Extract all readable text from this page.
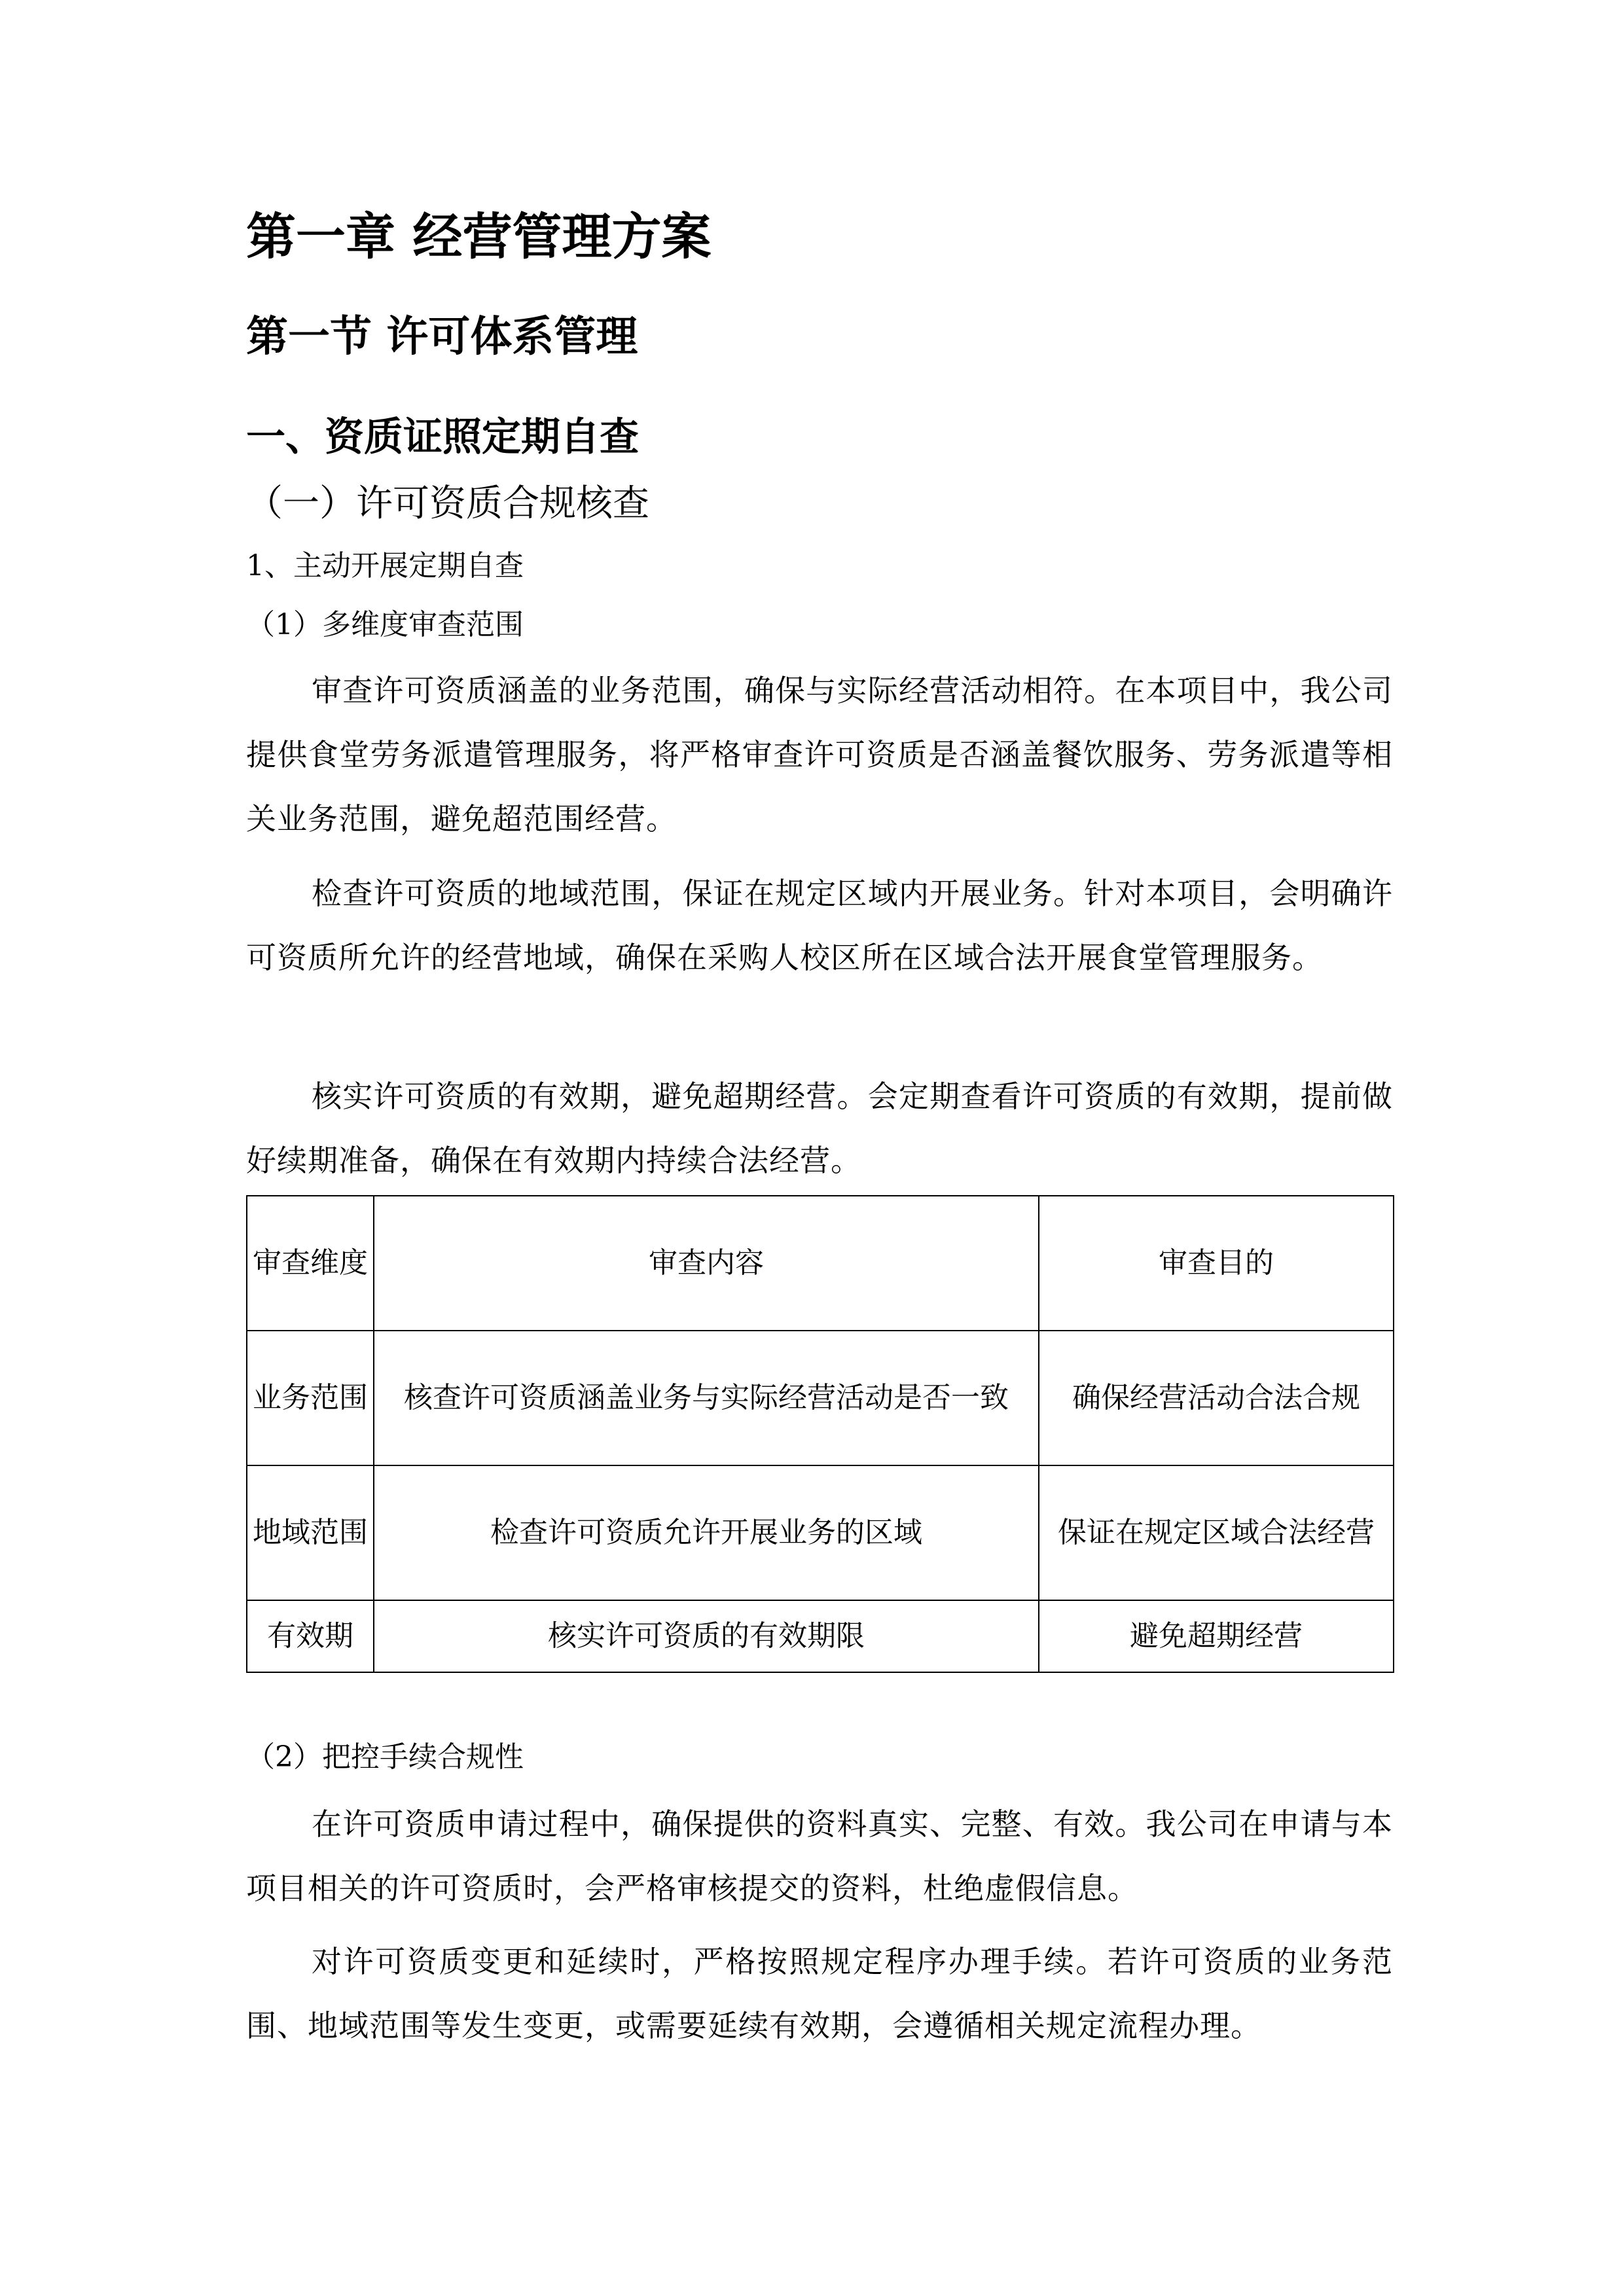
第一章 经营管理方案
第一节 许可体系管理
一、资质证照定期自查
（一）许可资质合规核查
1、主动开展定期自查
（1）多维度审查范围

审查许可资质涵盖的业务范围，确保与实际经营活动相符。在本项目中，我公司提供食堂劳务派遣管理服务，将严格审查许可资质是否涵盖餐饮服务、劳务派遣等相关业务范围，避免超范围经营。

检查许可资质的地域范围，保证在规定区域内开展业务。针对本项目，会明确许可资质所允许的经营地域，确保在采购人校区所在区域合法开展食堂管理服务。

核实许可资质的有效期，避免超期经营。会定期查看许可资质的有效期，提前做好续期准备，确保在有效期内持续合法经营。

审查维度	审查内容	审查目的
业务范围	核查许可资质涵盖业务与实际经营活动是否一致	确保经营活动合法合规
地域范围	检查许可资质允许开展业务的区域	保证在规定区域合法经营
有效期	核实许可资质的有效期限	避免超期经营
（2）把控手续合规性

在许可资质申请过程中，确保提供的资料真实、完整、有效。我公司在申请与本项目相关的许可资质时，会严格审核提交的资料，杜绝虚假信息。

对许可资质变更和延续时，严格按照规定程序办理手续。若许可资质的业务范围、地域范围等发生变更，或需要延续有效期，会遵循相关规定流程办理。
